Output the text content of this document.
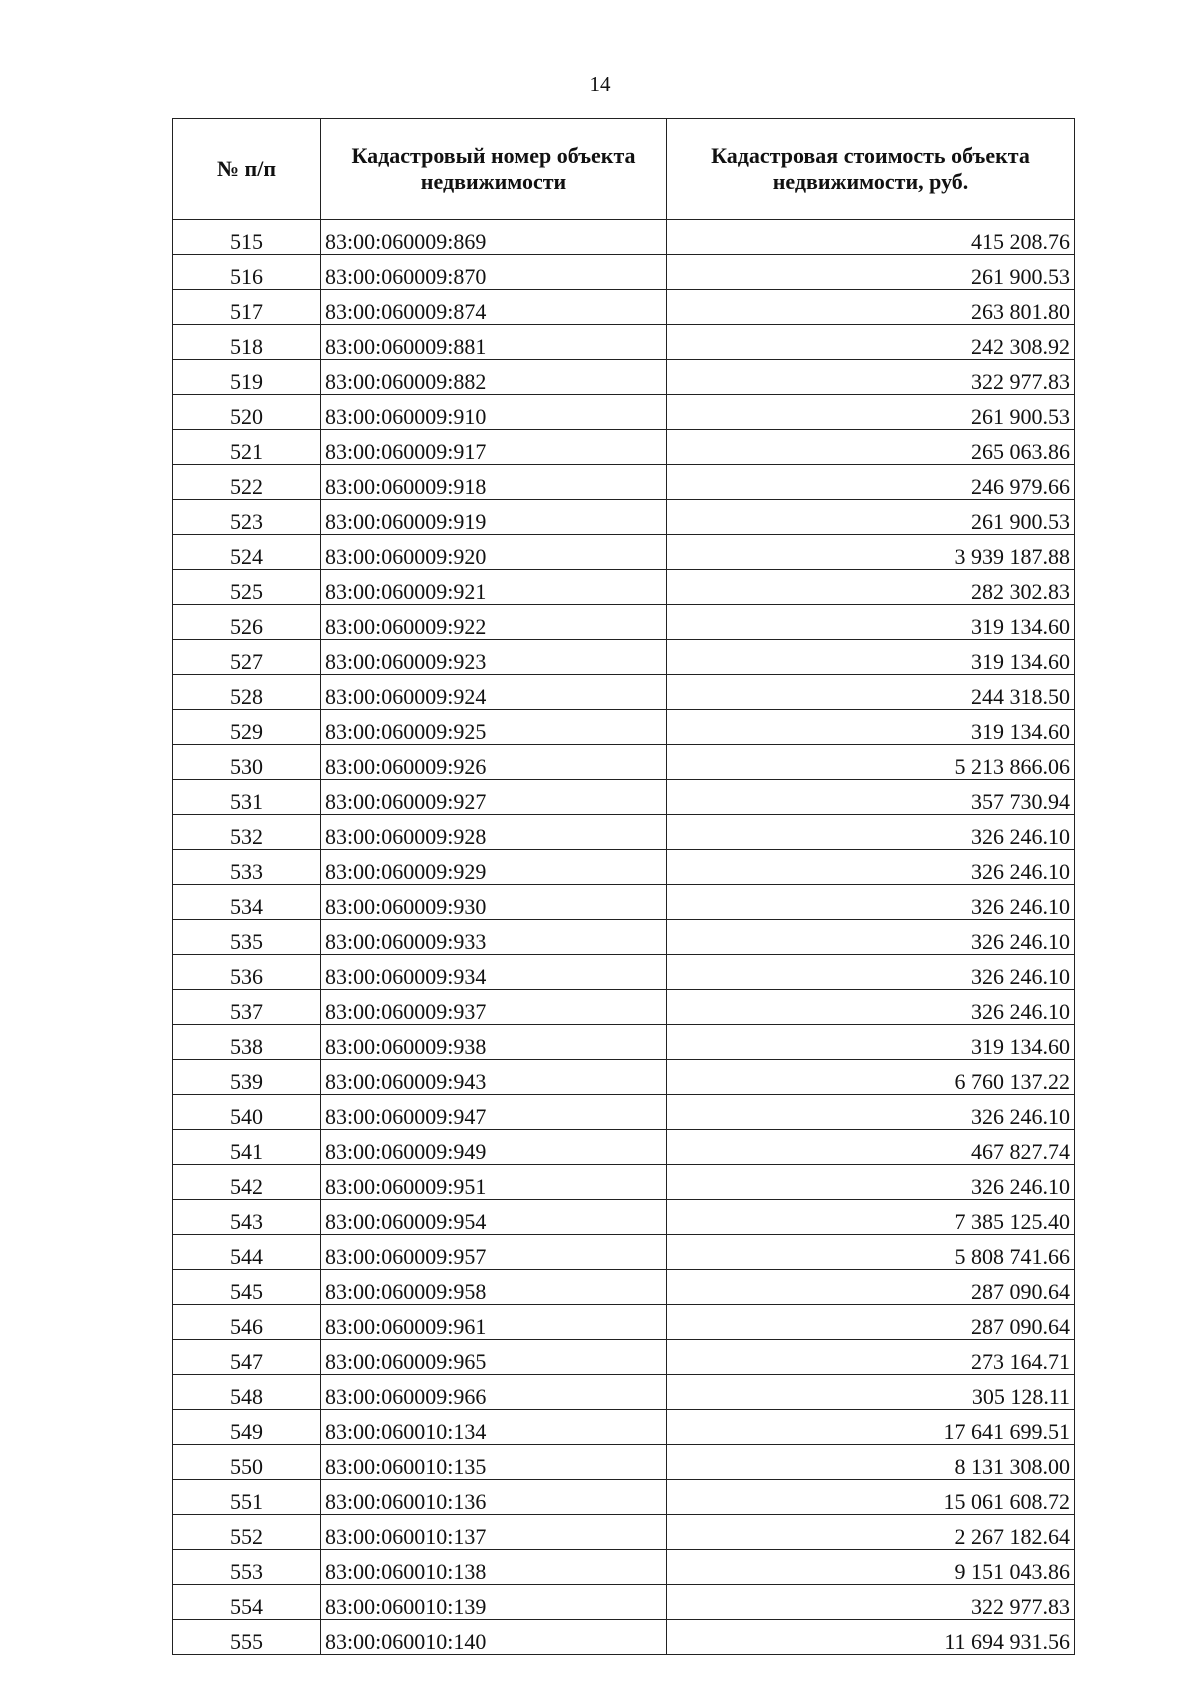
14
№ п/п	Кадастровый номер объекта недвижимости	Кадастровая стоимость объекта недвижимости, руб.
515	83:00:060009:869	415 208.76
516	83:00:060009:870	261 900.53
517	83:00:060009:874	263 801.80
518	83:00:060009:881	242 308.92
519	83:00:060009:882	322 977.83
520	83:00:060009:910	261 900.53
521	83:00:060009:917	265 063.86
522	83:00:060009:918	246 979.66
523	83:00:060009:919	261 900.53
524	83:00:060009:920	3 939 187.88
525	83:00:060009:921	282 302.83
526	83:00:060009:922	319 134.60
527	83:00:060009:923	319 134.60
528	83:00:060009:924	244 318.50
529	83:00:060009:925	319 134.60
530	83:00:060009:926	5 213 866.06
531	83:00:060009:927	357 730.94
532	83:00:060009:928	326 246.10
533	83:00:060009:929	326 246.10
534	83:00:060009:930	326 246.10
535	83:00:060009:933	326 246.10
536	83:00:060009:934	326 246.10
537	83:00:060009:937	326 246.10
538	83:00:060009:938	319 134.60
539	83:00:060009:943	6 760 137.22
540	83:00:060009:947	326 246.10
541	83:00:060009:949	467 827.74
542	83:00:060009:951	326 246.10
543	83:00:060009:954	7 385 125.40
544	83:00:060009:957	5 808 741.66
545	83:00:060009:958	287 090.64
546	83:00:060009:961	287 090.64
547	83:00:060009:965	273 164.71
548	83:00:060009:966	305 128.11
549	83:00:060010:134	17 641 699.51
550	83:00:060010:135	8 131 308.00
551	83:00:060010:136	15 061 608.72
552	83:00:060010:137	2 267 182.64
553	83:00:060010:138	9 151 043.86
554	83:00:060010:139	322 977.83
555	83:00:060010:140	11 694 931.56
